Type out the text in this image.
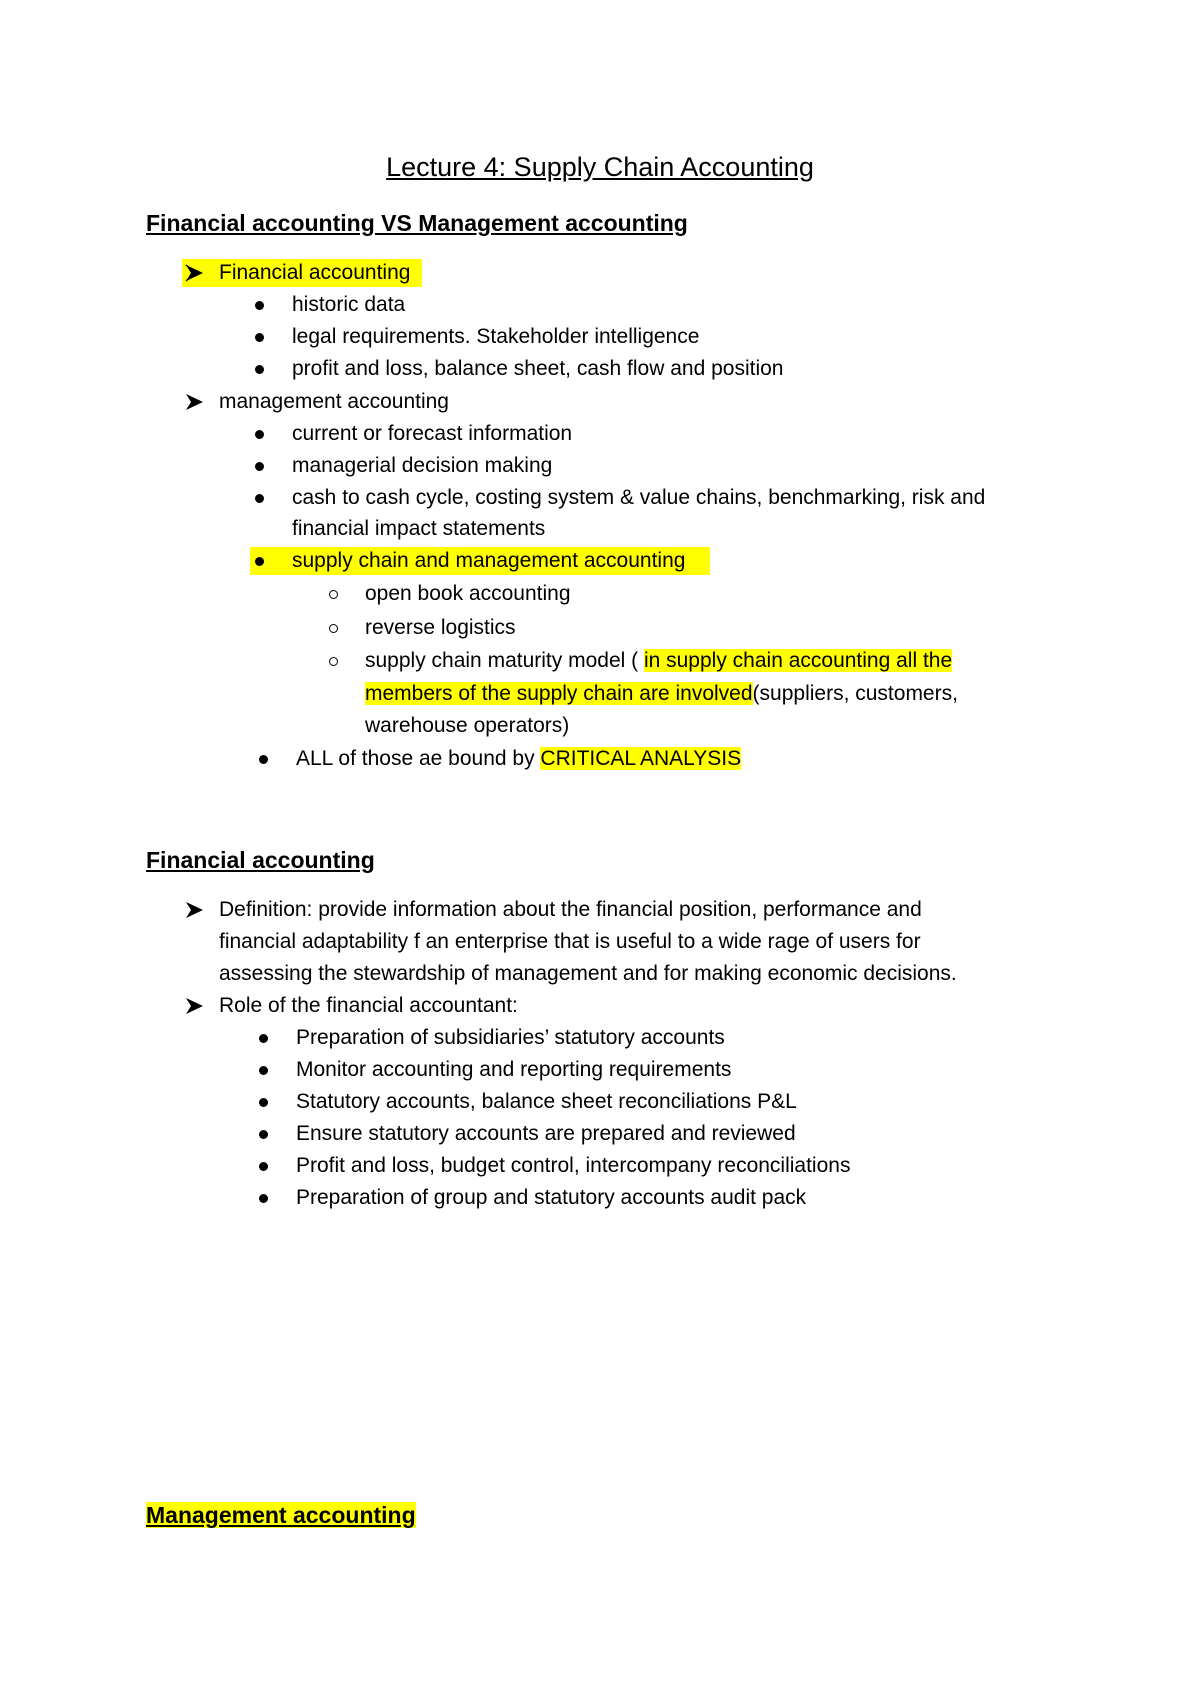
Lecture 4: Supply Chain Accounting
Financial accounting VS Management accounting
Financial accounting
historic data
legal requirements. Stakeholder intelligence
profit and loss, balance sheet, cash flow and position
management accounting
current or forecast information
managerial decision making
cash to cash cycle, costing system & value chains, benchmarking, risk and
financial impact statements
supply chain and management accounting
open book accounting
reverse logistics
supply chain maturity model ( in supply chain accounting all the
members of the supply chain are involved(suppliers, customers,
warehouse operators)
ALL of those ae bound by CRITICAL ANALYSIS
Financial accounting
Definition: provide information about the financial position, performance and
financial adaptability f an enterprise that is useful to a wide rage of users for
assessing the stewardship of management and for making economic decisions.
Role of the financial accountant:
Preparation of subsidiaries’ statutory accounts
Monitor accounting and reporting requirements
Statutory accounts, balance sheet reconciliations P&L
Ensure statutory accounts are prepared and reviewed
Profit and loss, budget control, intercompany reconciliations
Preparation of group and statutory accounts audit pack
Management accounting
